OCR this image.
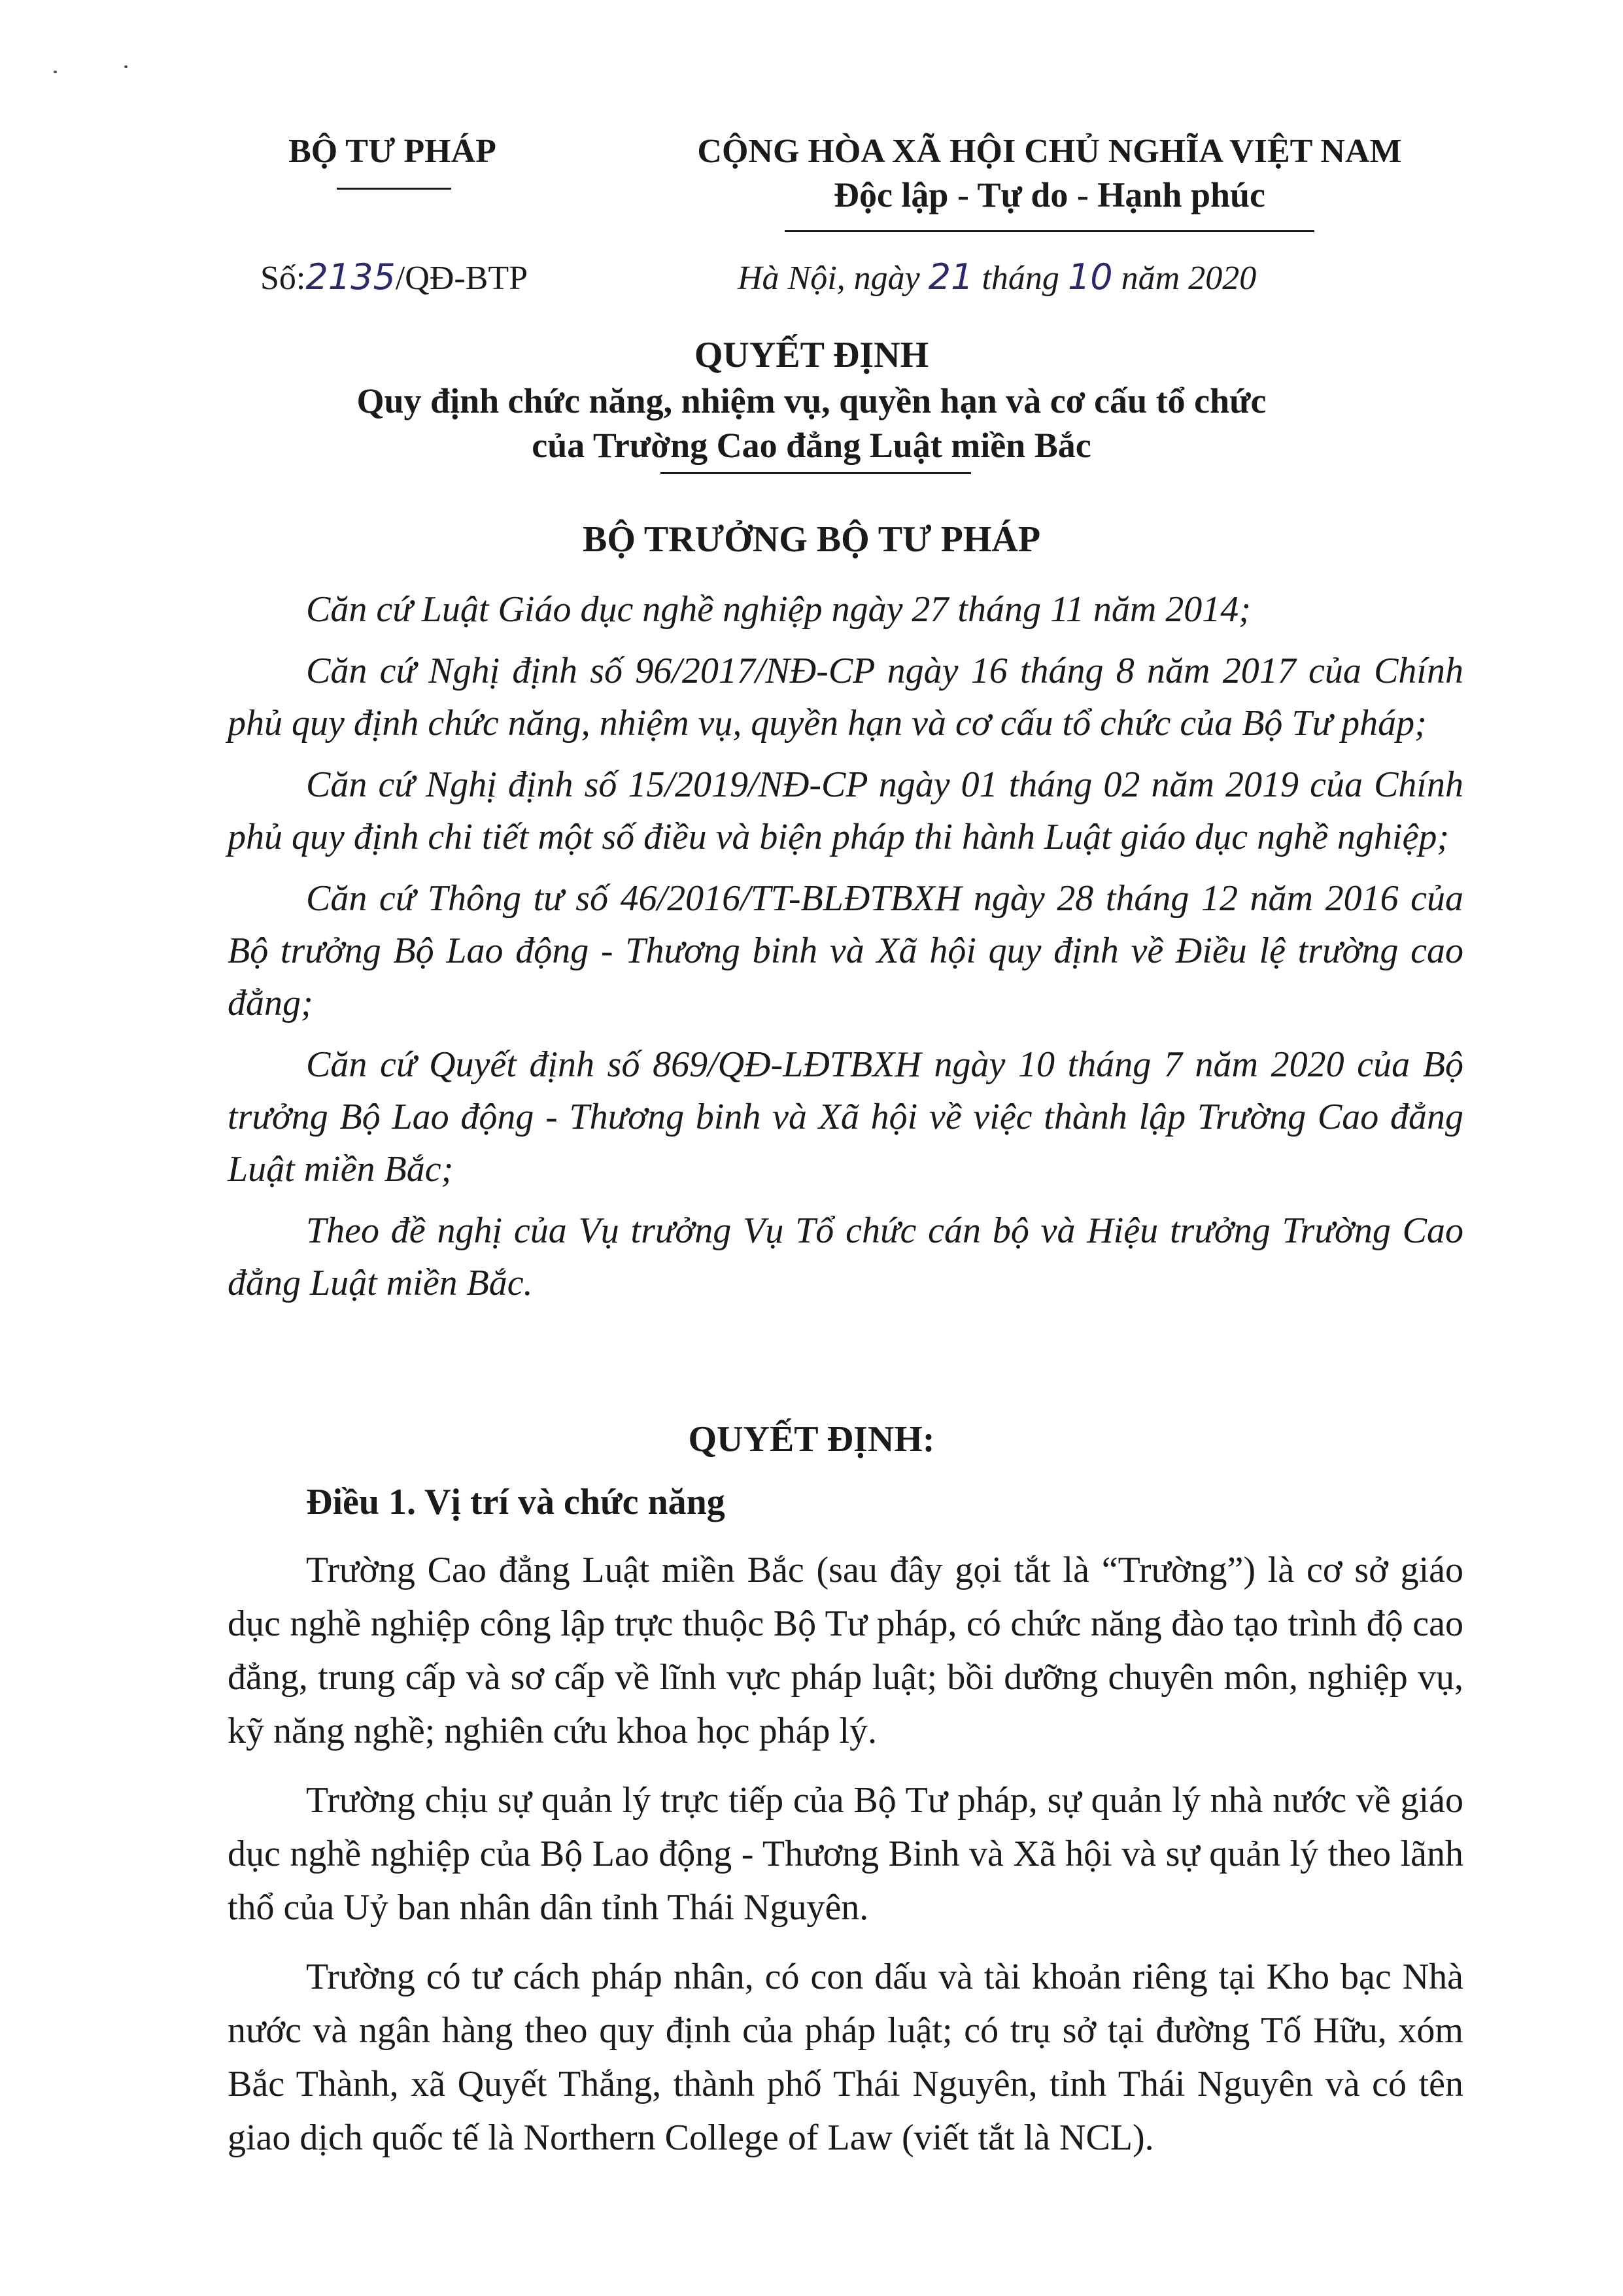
BỘ TƯ PHÁP	CỘNG HÒA XÃ HỘI CHỦ NGHĨA VIỆT NAM
Độc lập - Tự do - Hạnh phúc
Số:2135/QĐ-BTP	Hà Nội, ngày 21 tháng 10 năm 2020
QUYẾT ĐỊNH
Quy định chức năng, nhiệm vụ, quyền hạn và cơ cấu tổ chức
của Trường Cao đẳng Luật miền Bắc
BỘ TRƯỞNG BỘ TƯ PHÁP

Căn cứ Luật Giáo dục nghề nghiệp ngày 27 tháng 11 năm 2014;

Căn cứ Nghị định số 96/2017/NĐ-CP ngày 16 tháng 8 năm 2017 của Chính phủ quy định chức năng, nhiệm vụ, quyền hạn và cơ cấu tổ chức của Bộ Tư pháp;

Căn cứ Nghị định số 15/2019/NĐ-CP ngày 01 tháng 02 năm 2019 của Chính phủ quy định chi tiết một số điều và biện pháp thi hành Luật giáo dục nghề nghiệp;

Căn cứ Thông tư số 46/2016/TT-BLĐTBXH ngày 28 tháng 12 năm 2016 của Bộ trưởng Bộ Lao động - Thương binh và Xã hội quy định về Điều lệ trường cao đẳng;

Căn cứ Quyết định số 869/QĐ-LĐTBXH ngày 10 tháng 7 năm 2020 của Bộ trưởng Bộ Lao động - Thương binh và Xã hội về việc thành lập Trường Cao đẳng Luật miền Bắc;

Theo đề nghị của Vụ trưởng Vụ Tổ chức cán bộ và Hiệu trưởng Trường Cao đẳng Luật miền Bắc.

QUYẾT ĐỊNH:
Điều 1. Vị trí và chức năng

Trường Cao đẳng Luật miền Bắc (sau đây gọi tắt là “Trường”) là cơ sở giáo dục nghề nghiệp công lập trực thuộc Bộ Tư pháp, có chức năng đào tạo trình độ cao đẳng, trung cấp và sơ cấp về lĩnh vực pháp luật; bồi dưỡng chuyên môn, nghiệp vụ, kỹ năng nghề; nghiên cứu khoa học pháp lý.

Trường chịu sự quản lý trực tiếp của Bộ Tư pháp, sự quản lý nhà nước về giáo dục nghề nghiệp của Bộ Lao động - Thương Binh và Xã hội và sự quản lý theo lãnh thổ của Uỷ ban nhân dân tỉnh Thái Nguyên.

Trường có tư cách pháp nhân, có con dấu và tài khoản riêng tại Kho bạc Nhà nước và ngân hàng theo quy định của pháp luật; có trụ sở tại đường Tố Hữu, xóm Bắc Thành, xã Quyết Thắng, thành phố Thái Nguyên, tỉnh Thái Nguyên và có tên giao dịch quốc tế là Northern College of Law (viết tắt là NCL).
